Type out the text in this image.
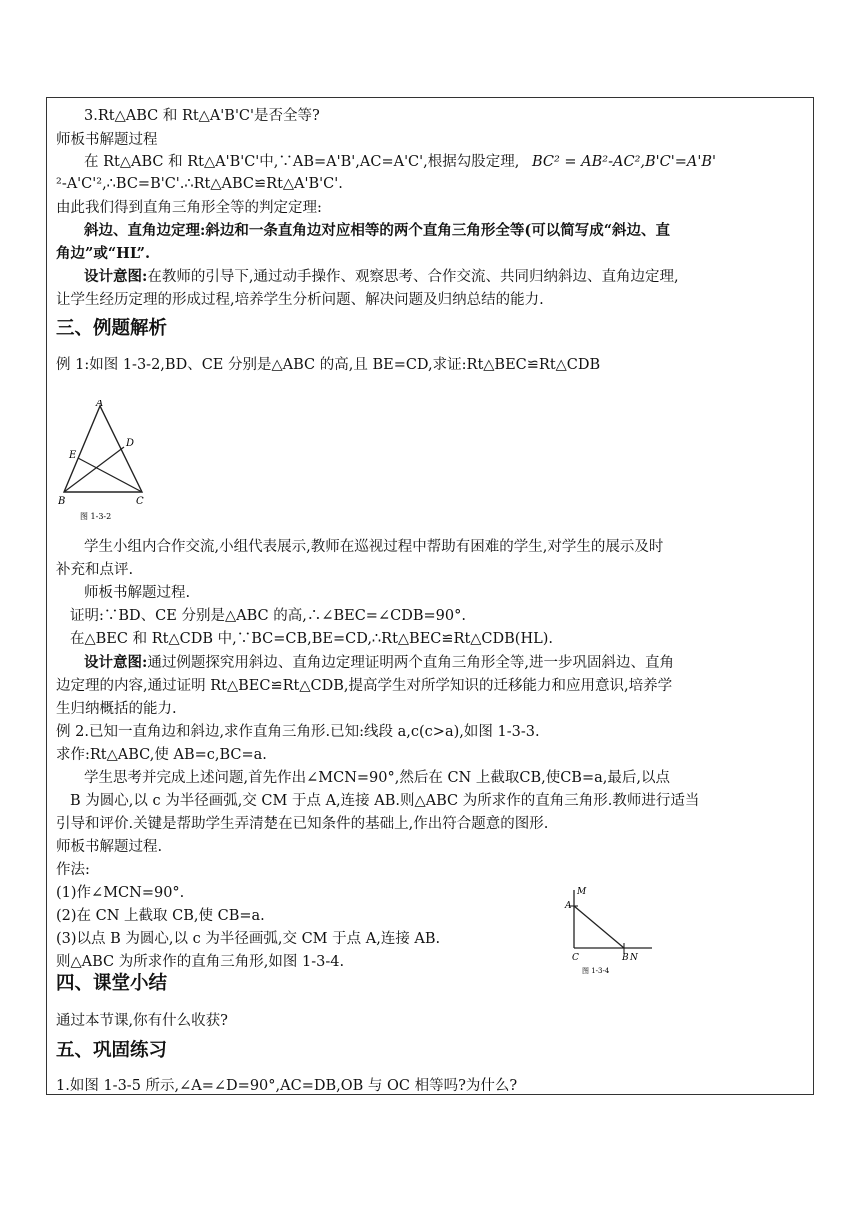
3.Rt△ABC 和 Rt△A'B'C'是否全等?
师板书解题过程
在 Rt△ABC 和 Rt△A'B'C'中,∵AB=A'B',AC=A'C',根据勾股定理, BC² = AB²-AC²,B'C'=A'B'
²-A'C'²,∴BC=B'C'.∴Rt△ABC≌Rt△A'B'C'.
由此我们得到直角三角形全等的判定定理:
斜边、直角边定理:斜边和一条直角边对应相等的两个直角三角形全等(可以简写成“斜边、直
角边”或“HL”.
设计意图:在教师的引导下,通过动手操作、观察思考、合作交流、共同归纳斜边、直角边定理,
让学生经历定理的形成过程,培养学生分析问题、解决问题及归纳总结的能力.
三、例题解析
例 1:如图 1-3-2,BD、CE 分别是△ABC 的高,且 BE=CD,求证:Rt△BEC≌Rt△CDB
A
B	C
D
E
图 1-3-2
学生小组内合作交流,小组代表展示,教师在巡视过程中帮助有困难的学生,对学生的展示及时
补充和点评.
师板书解题过程.
证明:∵BD、CE 分别是△ABC 的高,∴∠BEC=∠CDB=90°.
在△BEC 和 Rt△CDB 中,∵BC=CB,BE=CD,∴Rt△BEC≌Rt△CDB(HL).
设计意图:通过例题探究用斜边、直角边定理证明两个直角三角形全等,进一步巩固斜边、直角
边定理的内容,通过证明 Rt△BEC≌Rt△CDB,提高学生对所学知识的迁移能力和应用意识,培养学
生归纳概括的能力.
例 2.已知一直角边和斜边,求作直角三角形.已知:线段 a,c(c>a),如图 1-3-3.
求作:Rt△ABC,使 AB=c,BC=a.
学生思考并完成上述问题,首先作出∠MCN=90°,然后在 CN 上截取CB,使CB=a,最后,以点
B 为圆心,以 c 为半径画弧,交 CM 于点 A,连接 AB.则△ABC 为所求作的直角三角形.教师进行适当
引导和评价.关键是帮助学生弄清楚在已知条件的基础上,作出符合题意的图形.
师板书解题过程.
作法:
(1)作∠MCN=90°.
(2)在 CN 上截取 CB,使 CB=a.
(3)以点 B 为圆心,以 c 为半径画弧,交 CM 于点 A,连接 AB.
则△ABC 为所求作的直角三角形,如图 1-3-4.
M
A
C	B N
图 1-3-4
四、课堂小结
通过本节课,你有什么收获?
五、巩固练习
1.如图 1-3-5 所示,∠A=∠D=90°,AC=DB,OB 与 OC 相等吗?为什么?
